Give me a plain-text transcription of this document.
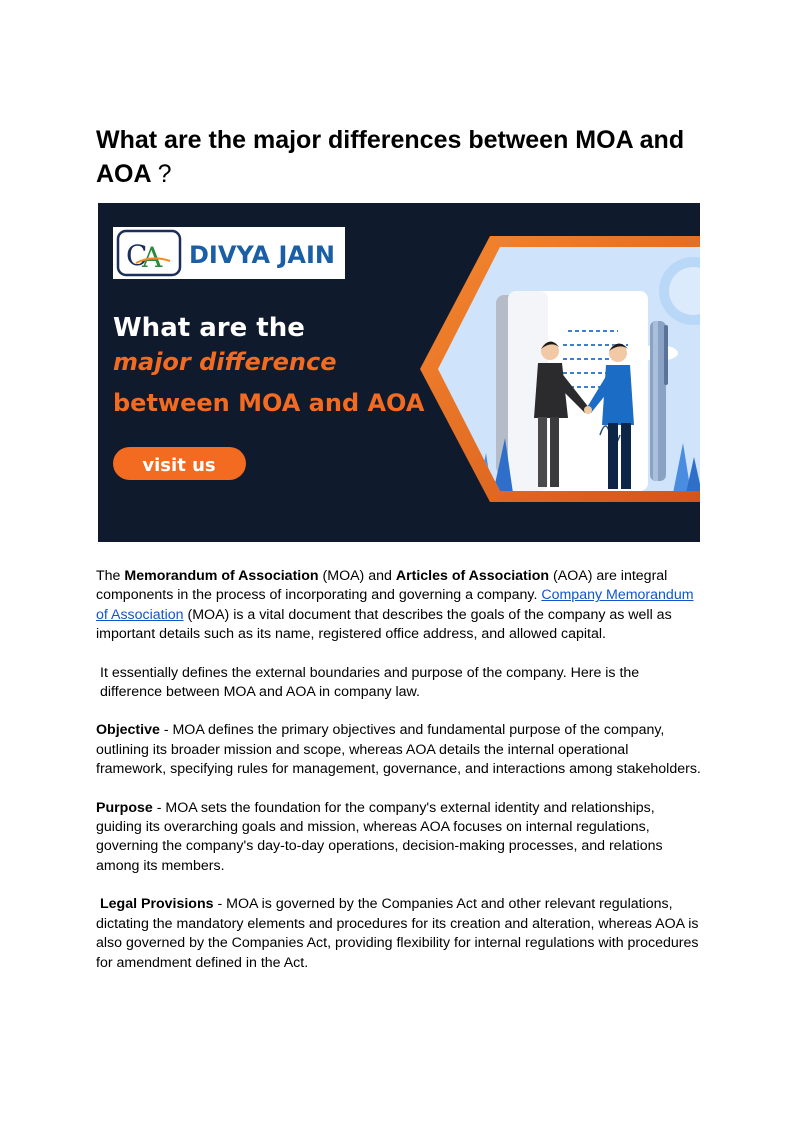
What are the major differences between MOA and AOA ?
C
A DIVYA JAIN
What are the
major difference
between MOA and AOA
visit us

The Memorandum of Association (MOA) and Articles of Association (AOA) are integral components in the process of incorporating and governing a company. Company Memorandum of Association (MOA) is a vital document that describes the goals of the company as well as important details such as its name, registered office address, and allowed capital.

It essentially defines the external boundaries and purpose of the company. Here is the difference between MOA and AOA in company law.

Objective - MOA defines the primary objectives and fundamental purpose of the company, outlining its broader mission and scope, whereas AOA details the internal operational framework, specifying rules for management, governance, and interactions among stakeholders.

Purpose - MOA sets the foundation for the company's external identity and relationships, guiding its overarching goals and mission, whereas AOA focuses on internal regulations, governing the company's day-to-day operations, decision-making processes, and relations among its members.

Legal Provisions - MOA is governed by the Companies Act and other relevant regulations, dictating the mandatory elements and procedures for its creation and alteration, whereas AOA is also governed by the Companies Act, providing flexibility for internal regulations with procedures for amendment defined in the Act.
